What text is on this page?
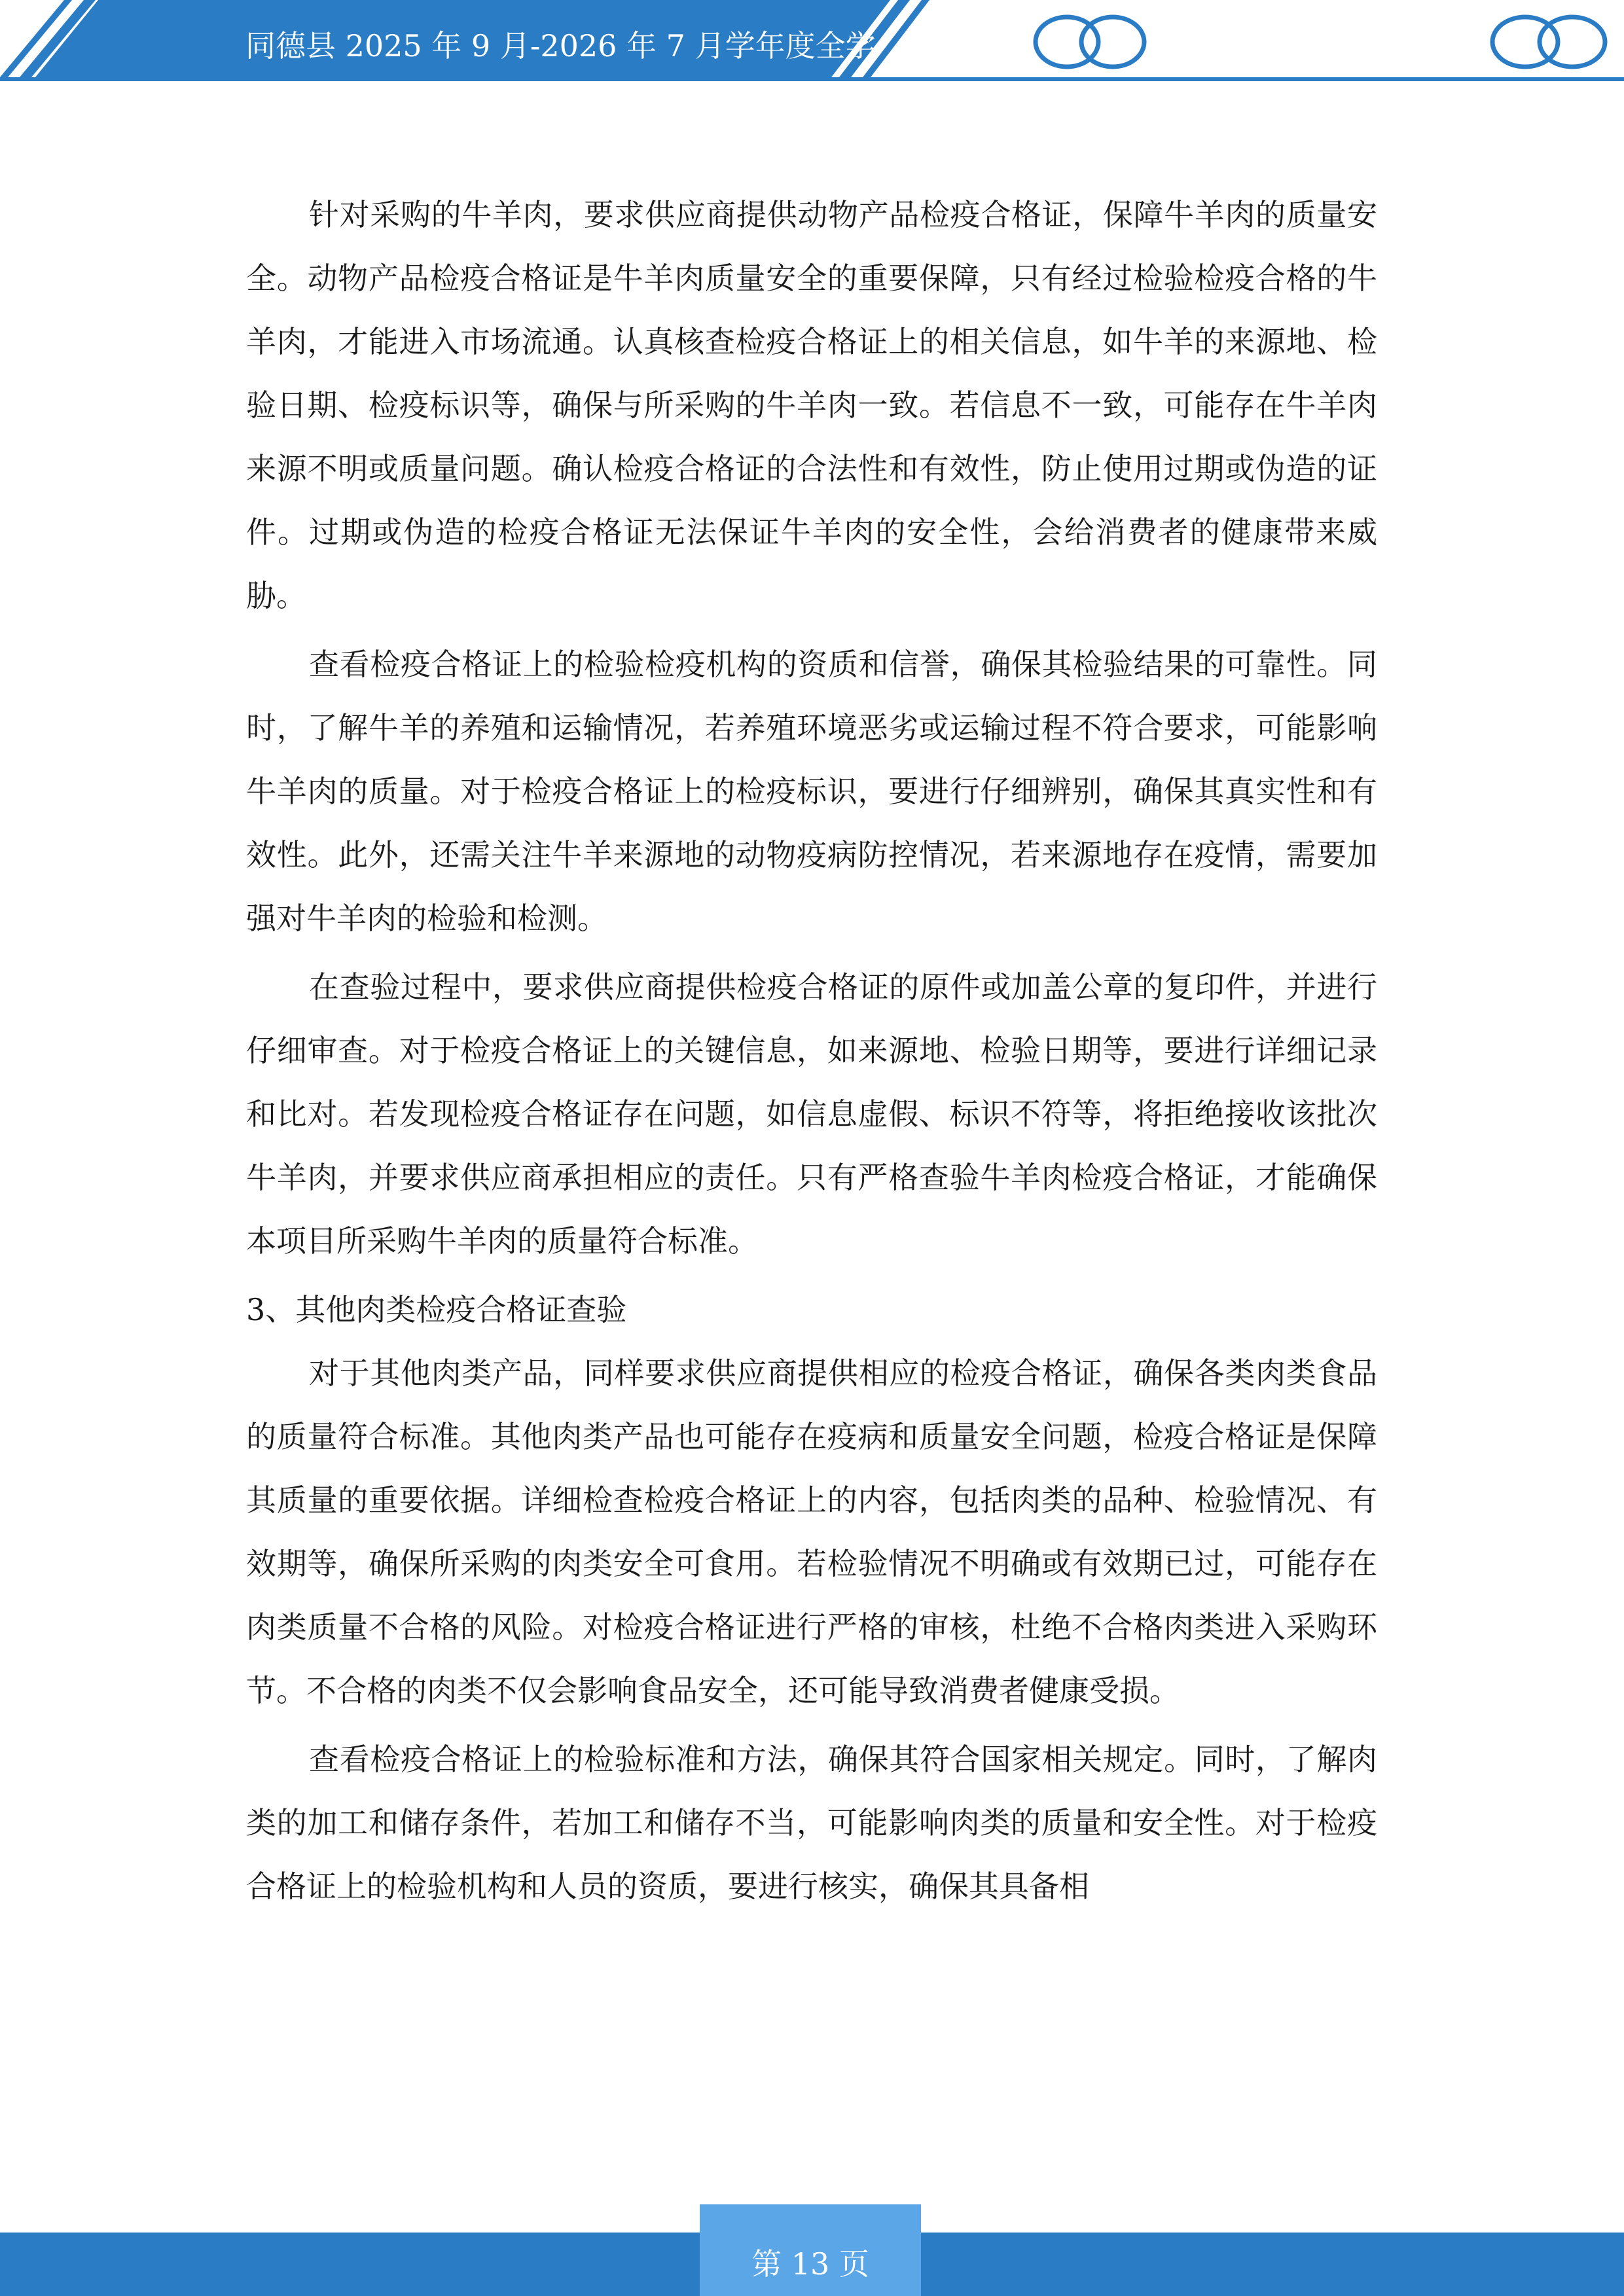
同德县 2025 年 9 月-2026 年 7 月学年度全学

针对采购的牛羊肉，要求供应商提供动物产品检疫合格证，保障牛羊肉的质量安全。动物产品检疫合格证是牛羊肉质量安全的重要保障，只有经过检验检疫合格的牛羊肉，才能进入市场流通。认真核查检疫合格证上的相关信息，如牛羊的来源地、检验日期、检疫标识等，确保与所采购的牛羊肉一致。若信息不一致，可能存在牛羊肉来源不明或质量问题。确认检疫合格证的合法性和有效性，防止使用过期或伪造的证件。过期或伪造的检疫合格证无法保证牛羊肉的安全性，会给消费者的健康带来威胁。

查看检疫合格证上的检验检疫机构的资质和信誉，确保其检验结果的可靠性。同时，了解牛羊的养殖和运输情况，若养殖环境恶劣或运输过程不符合要求，可能影响牛羊肉的质量。对于检疫合格证上的检疫标识，要进行仔细辨别，确保其真实性和有效性。此外，还需关注牛羊来源地的动物疫病防控情况，若来源地存在疫情，需要加强对牛羊肉的检验和检测。

在查验过程中，要求供应商提供检疫合格证的原件或加盖公章的复印件，并进行仔细审查。对于检疫合格证上的关键信息，如来源地、检验日期等，要进行详细记录和比对。若发现检疫合格证存在问题，如信息虚假、标识不符等，将拒绝接收该批次牛羊肉，并要求供应商承担相应的责任。只有严格查验牛羊肉检疫合格证，才能确保本项目所采购牛羊肉的质量符合标准。

3、其他肉类检疫合格证查验

对于其他肉类产品，同样要求供应商提供相应的检疫合格证，确保各类肉类食品的质量符合标准。其他肉类产品也可能存在疫病和质量安全问题，检疫合格证是保障其质量的重要依据。详细检查检疫合格证上的内容，包括肉类的品种、检验情况、有效期等，确保所采购的肉类安全可食用。若检验情况不明确或有效期已过，可能存在肉类质量不合格的风险。对检疫合格证进行严格的审核，杜绝不合格肉类进入采购环节。不合格的肉类不仅会影响食品安全，还可能导致消费者健康受损。

查看检疫合格证上的检验标准和方法，确保其符合国家相关规定。同时，了解肉类的加工和储存条件，若加工和储存不当，可能影响肉类的质量和安全性。对于检疫合格证上的检验机构和人员的资质，要进行核实，确保其具备相

第 13 页
